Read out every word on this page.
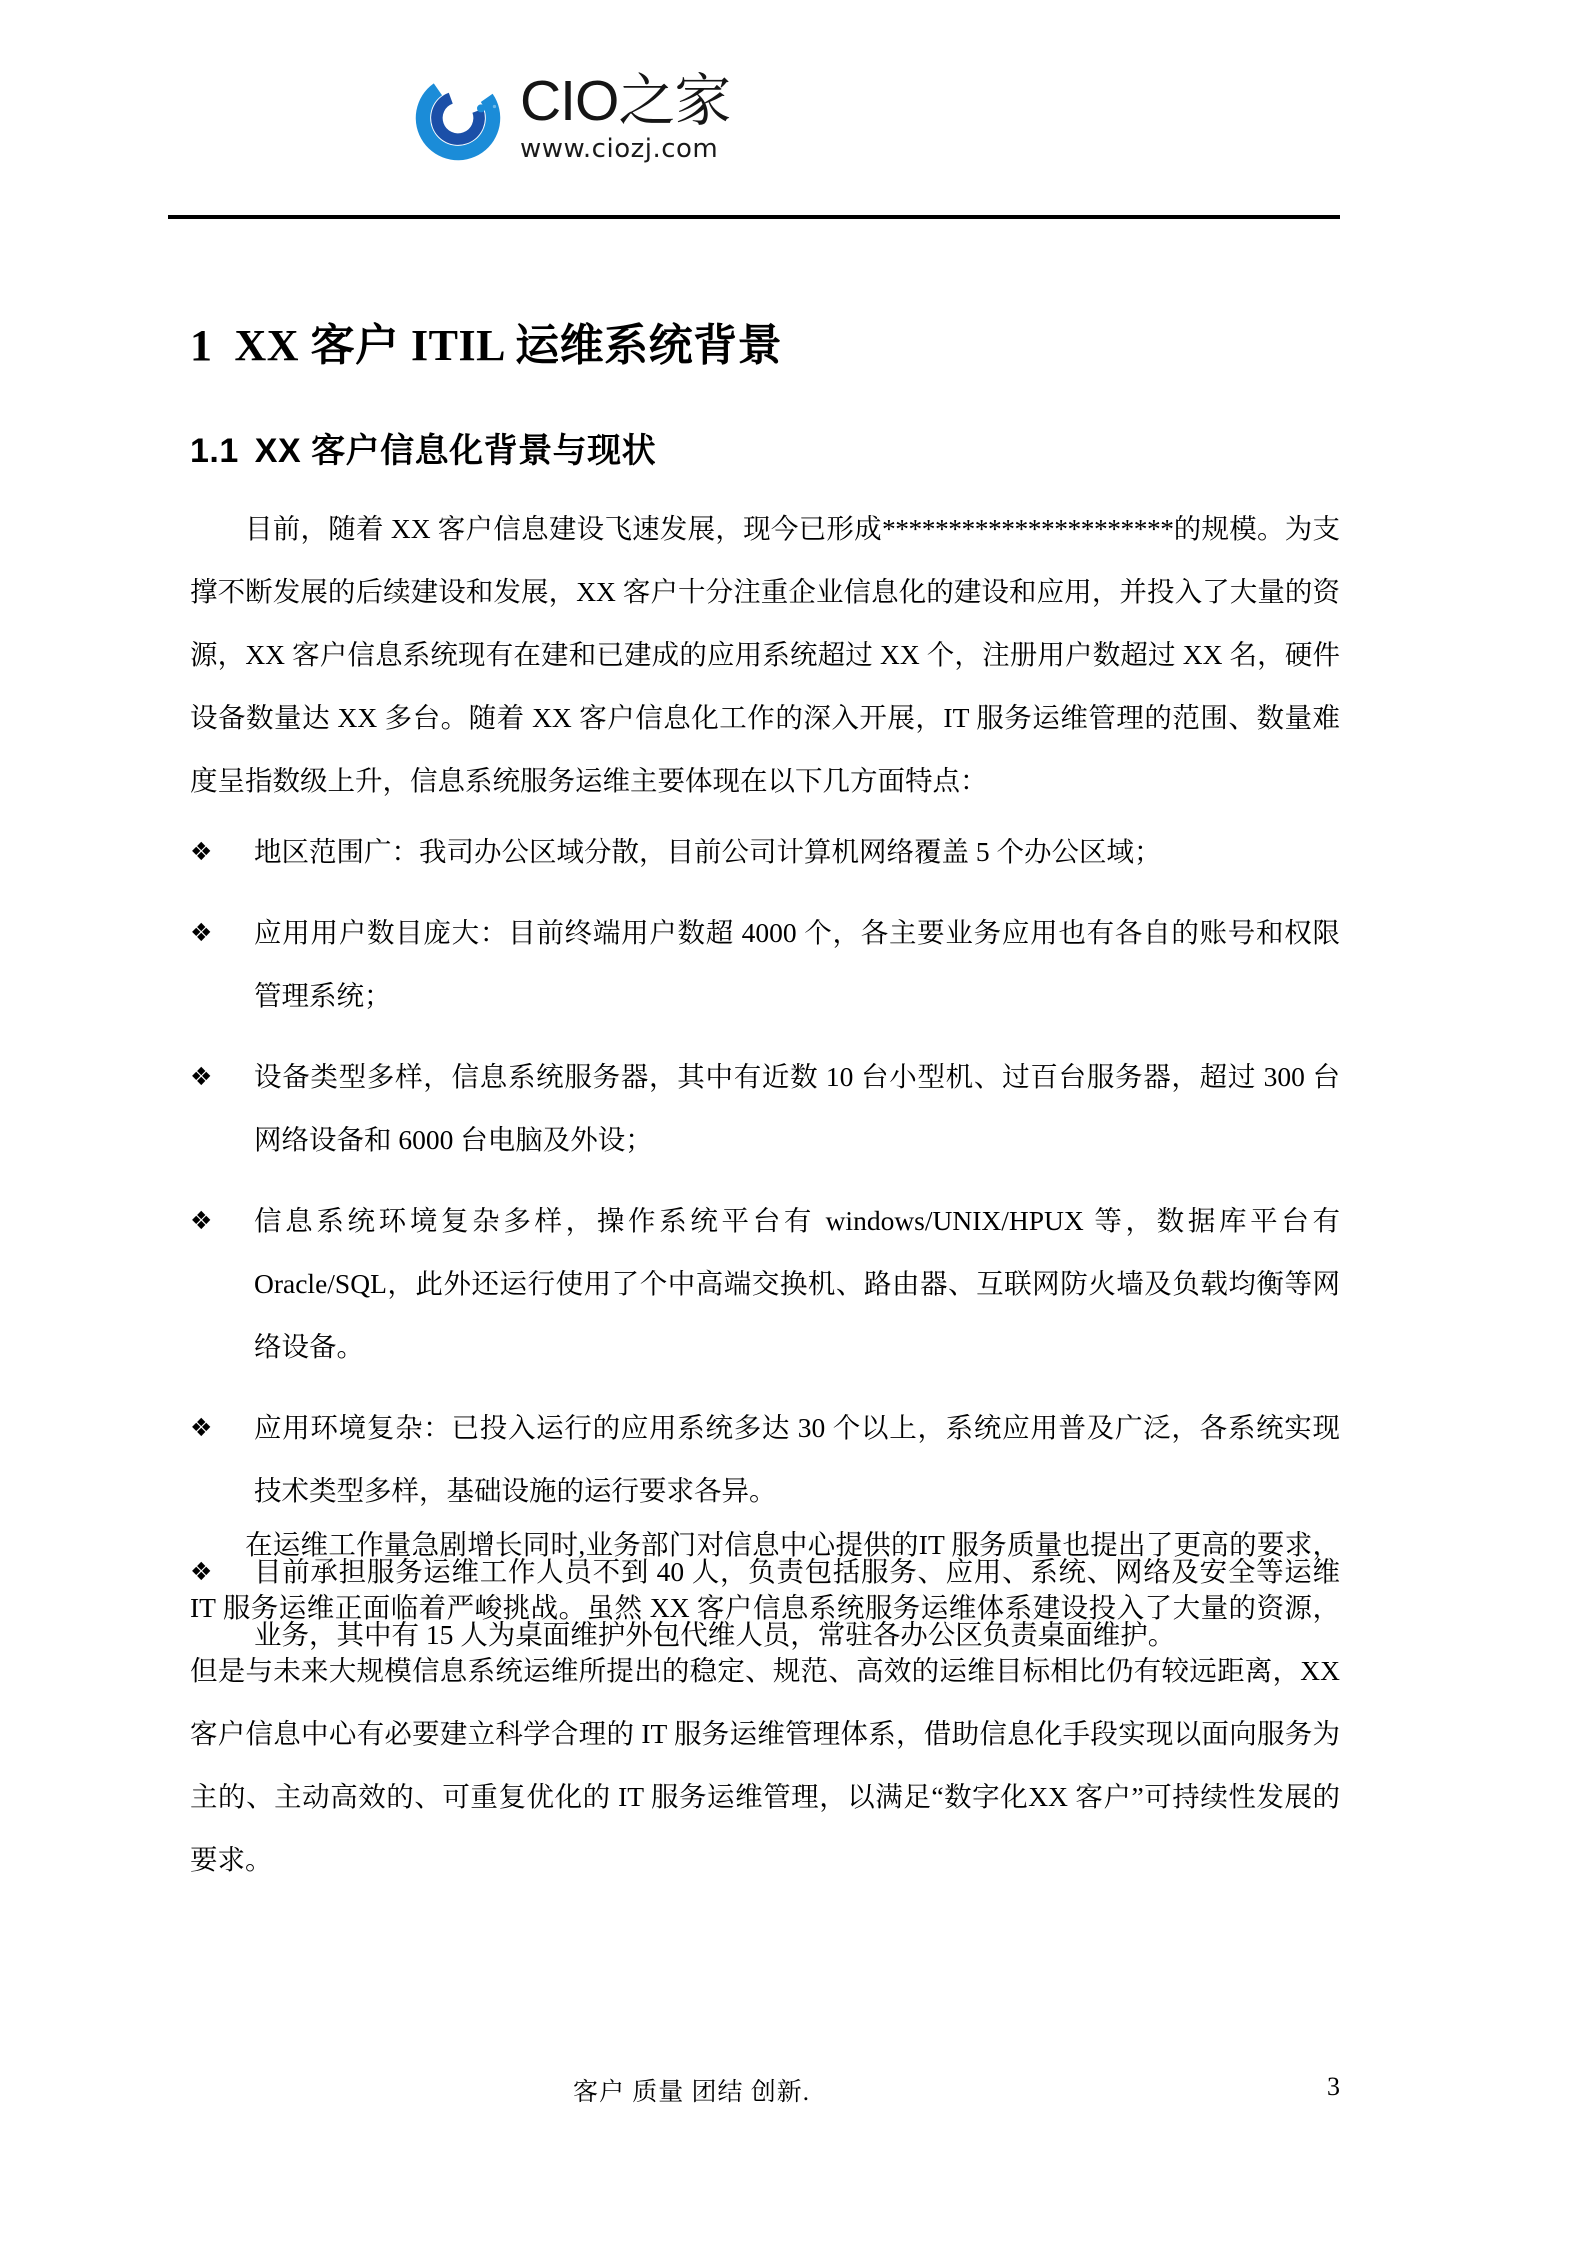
CIO之家
www.ciozj.com
1 XX 客户 ITIL 运维系统背景
1.1 XX 客户信息化背景与现状

目前，随着 XX 客户信息建设飞速发展，现今已形成**********************的规模。为支撑不断发展的后续建设和发展，XX 客户十分注重企业信息化的建设和应用，并投入了大量的资源，XX 客户信息系统现有在建和已建成的应用系统超过 XX 个，注册用户数超过 XX 名，硬件设备数量达 XX 多台。随着 XX 客户信息化工作的深入开展，IT 服务运维管理的范围、数量难度呈指数级上升，信息系统服务运维主要体现在以下几方面特点：

❖ 地区范围广：我司办公区域分散，目前公司计算机网络覆盖 5 个办公区域；
❖ 应用用户数目庞大：目前终端用户数超 4000 个，各主要业务应用也有各自的账号和权限管理系统；
❖ 设备类型多样，信息系统服务器，其中有近数 10 台小型机、过百台服务器，超过 300 台网络设备和 6000 台电脑及外设；
❖ 信息系统环境复杂多样，操作系统平台有 windows/UNIX/HPUX 等，数据库平台有 Oracle/SQL，此外还运行使用了个中高端交换机、路由器、互联网防火墙及负载均衡等网络设备。
❖ 应用环境复杂：已投入运行的应用系统多达 30 个以上，系统应用普及广泛，各系统实现技术类型多样，基础设施的运行要求各异。
❖ 目前承担服务运维工作人员不到 40 人，负责包括服务、应用、系统、网络及安全等运维业务，其中有 15 人为桌面维护外包代维人员，常驻各办公区负责桌面维护。

在运维工作量急剧增长同时,业务部门对信息中心提供的IT 服务质量也提出了更高的要求，IT 服务运维正面临着严峻挑战。虽然 XX 客户信息系统服务运维体系建设投入了大量的资源，但是与未来大规模信息系统运维所提出的稳定、规范、高效的运维目标相比仍有较远距离，XX 客户信息中心有必要建立科学合理的 IT 服务运维管理体系，借助信息化手段实现以面向服务为主的、主动高效的、可重复优化的 IT 服务运维管理，以满足“数字化XX 客户”可持续性发展的要求。

客户 质量 团结 创新.	3
